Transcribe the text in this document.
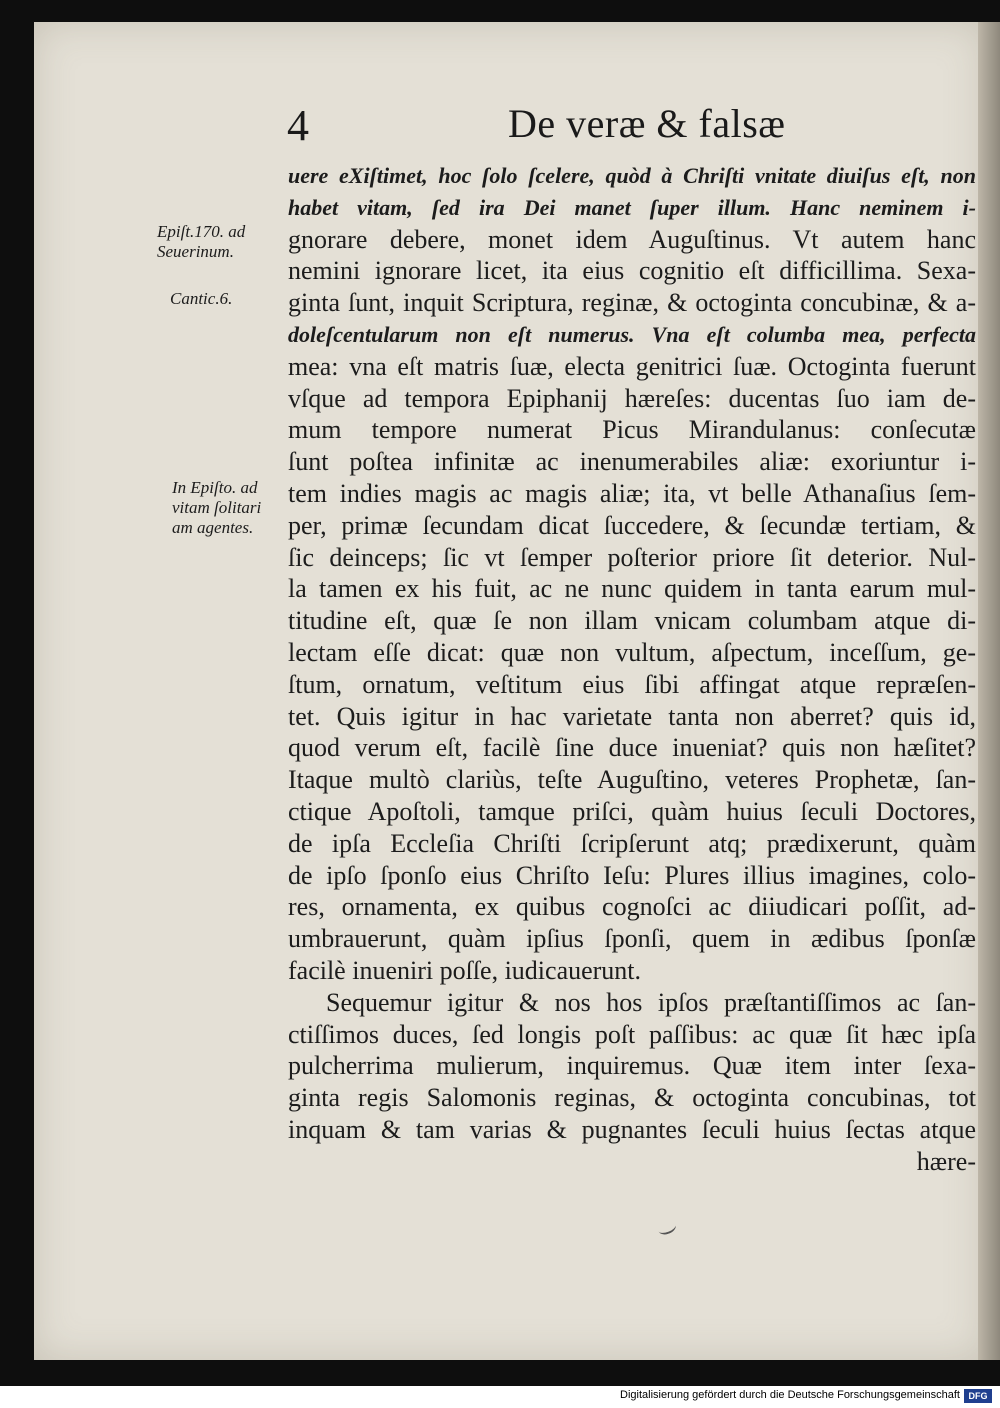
4	De veræ & falsæ
Epiſt.170. ad
Seuerinum.
Cantic.6.
In Epiſto. ad
vitam ſolitari
am agentes.
uere eXiſtimet, hoc ſolo ſcelere, quòd à Chriſti vnitate diuiſus eſt, non
habet vitam, ſed ira Dei manet ſuper illum. Hanc neminem i-
gnorare debere, monet idem Auguſtinus. Vt autem hanc
nemini ignorare licet, ita eius cognitio eſt difficillima. Sexa-
ginta ſunt, inquit Scriptura, reginæ, & octoginta concubinæ, & a-
doleſcentularum non eſt numerus. Vna eſt columba mea, perfecta
mea: vna eſt matris ſuæ, electa genitrici ſuæ. Octoginta fuerunt
vſque ad tempora Epiphanij hæreſes: ducentas ſuo iam de-
mum tempore numerat Picus Mirandulanus: conſecutæ
ſunt poſtea infinitæ ac inenumerabiles aliæ: exoriuntur i-
tem indies magis ac magis aliæ; ita, vt belle Athanaſius ſem-
per, primæ ſecundam dicat ſuccedere, & ſecundæ tertiam, &
ſic deinceps; ſic vt ſemper poſterior priore ſit deterior. Nul-
la tamen ex his fuit, ac ne nunc quidem in tanta earum mul-
titudine eſt, quæ ſe non illam vnicam columbam atque di-
lectam eſſe dicat: quæ non vultum, aſpectum, inceſſum, ge-
ſtum, ornatum, veſtitum eius ſibi affingat atque repræſen-
tet. Quis igitur in hac varietate tanta non aberret? quis id,
quod verum eſt, facilè ſine duce inueniat? quis non hæſitet?
Itaque multò clariùs, teſte Auguſtino, veteres Prophetæ, ſan-
ctique Apoſtoli, tamque priſci, quàm huius ſeculi Doctores,
de ipſa Eccleſia Chriſti ſcripſerunt atq; prædixerunt, quàm
de ipſo ſponſo eius Chriſto Ieſu: Plures illius imagines, colo-
res, ornamenta, ex quibus cognoſci ac diiudicari poſſit, ad-
umbrauerunt, quàm ipſius ſponſi, quem in ædibus ſponſæ
facilè inueniri poſſe, iudicauerunt.
Sequemur igitur & nos hos ipſos præſtantiſſimos ac ſan-
ctiſſimos duces, ſed longis poſt paſſibus: ac quæ ſit hæc ipſa
pulcherrima mulierum, inquiremus. Quæ item inter ſexa-
ginta regis Salomonis reginas, & octoginta concubinas, tot
inquam & tam varias & pugnantes ſeculi huius ſectas atque
hære-
Digitalisierung gefördert durch die Deutsche Forschungsgemeinschaft DFG
